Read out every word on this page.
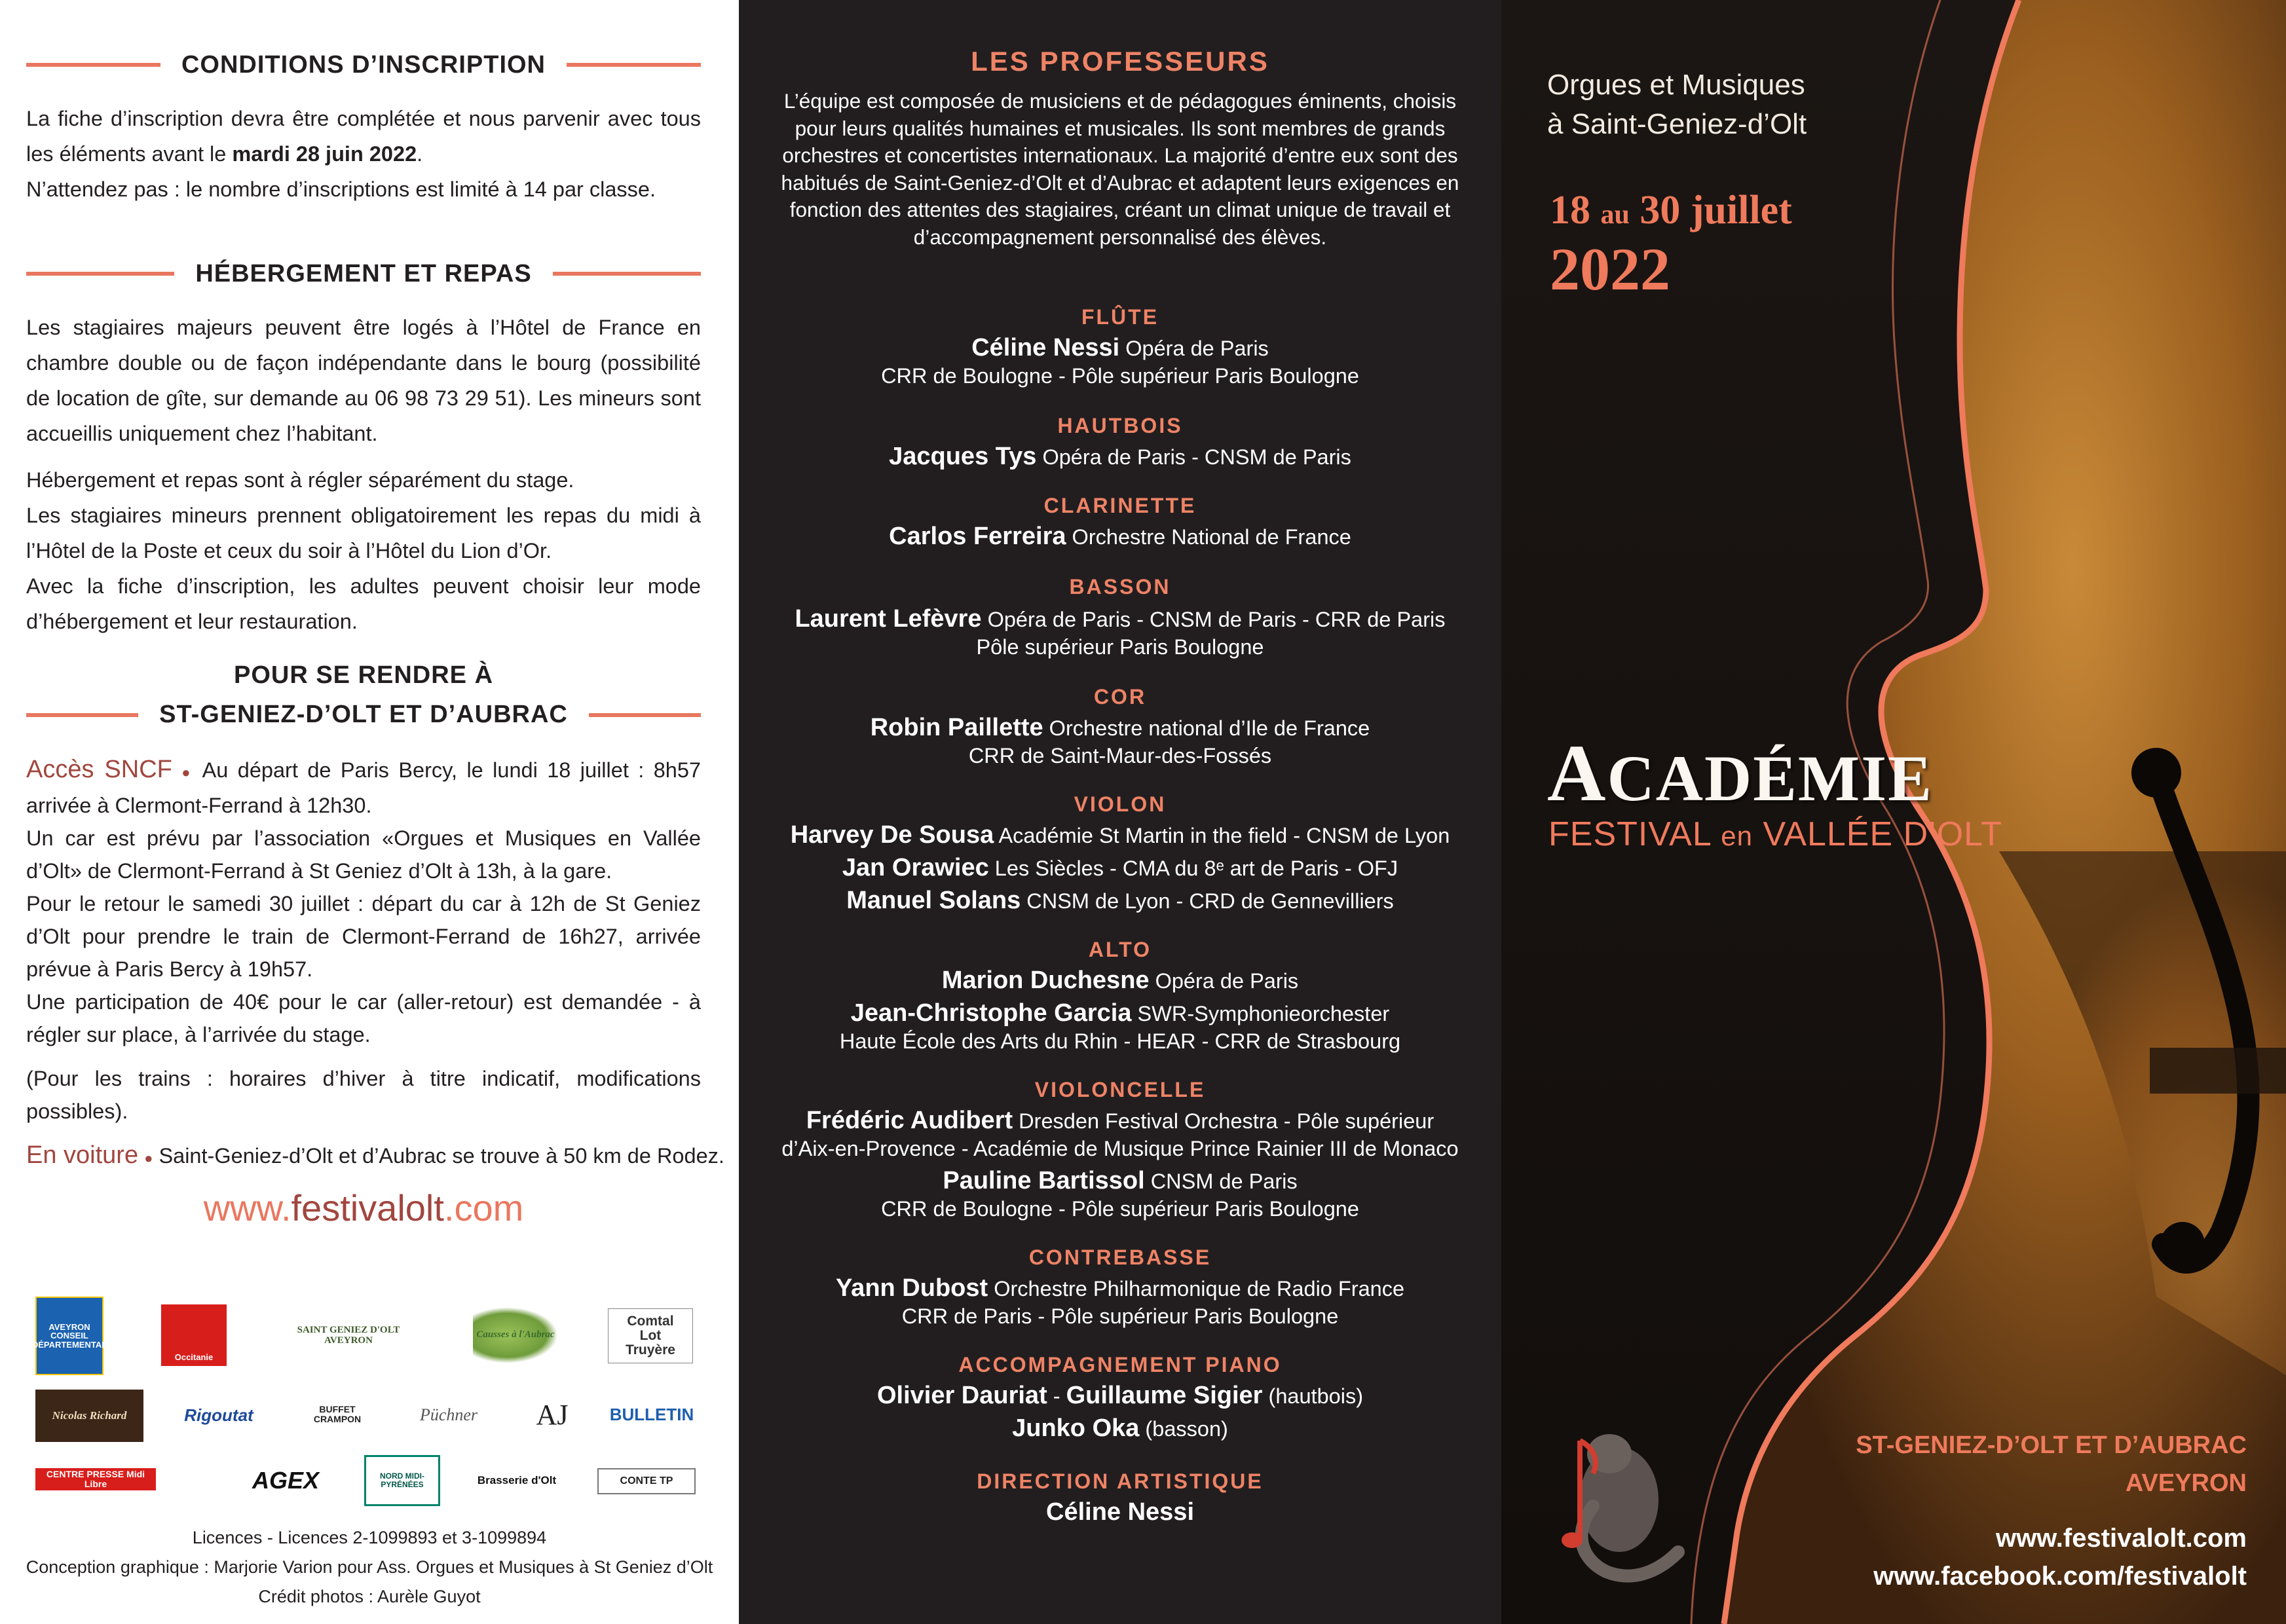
CONDITIONS D’INSCRIPTION

La fiche d’inscription devra être complétée et nous parvenir avec tous les éléments avant le mardi 28 juin 2022.

N’attendez pas : le nombre d’inscriptions est limité à 14 par classe.

HÉBERGEMENT ET REPAS

Les stagiaires majeurs peuvent être logés à l’Hôtel de France en chambre double ou de façon indépendante dans le bourg (possibilité de location de gîte, sur demande au 06 98 73 29 51). Les mineurs sont accueillis uniquement chez l’habitant.

Hébergement et repas sont à régler séparément du stage.

Les stagiaires mineurs prennent obligatoirement les repas du midi à l’Hôtel de la Poste et ceux du soir à l’Hôtel du Lion d’Or.

Avec la fiche d’inscription, les adultes peuvent choisir leur mode d’hébergement et leur restauration.

POUR SE RENDRE À
ST-GENIEZ-D’OLT ET D’AUBRAC

Accès SNCF ● Au départ de Paris Bercy, le lundi 18 juillet : 8h57 arrivée à Clermont-Ferrand à 12h30.

Un car est prévu par l’association «Orgues et Musiques en Vallée d’Olt» de Clermont-Ferrand à St Geniez d’Olt à 13h, à la gare.

Pour le retour le samedi 30 juillet : départ du car à 12h de St Geniez d’Olt pour prendre le train de Clermont-Ferrand de 16h27, arrivée prévue à Paris Bercy à 19h57.

Une participation de 40€ pour le car (aller-retour) est demandée - à régler sur place, à l’arrivée du stage.

(Pour les trains : horaires d’hiver à titre indicatif, modifications possibles).

En voiture ● Saint-Geniez-d’Olt et d’Aubrac se trouve à 50 km de Rodez.

www.festivalolt.com
AVEYRON
CONSEIL DÉPARTEMENTAL
Occitanie
SAINT GENIEZ D'OLT
AVEYRON
Causses à l'Aubrac
Comtal
Lot
Truyère
Nicolas Richard	Rigoutat	BUFFET CRAMPON	Püchner	AJ	BULLETIN
CENTRE PRESSE Midi Libre	AGEX	NORD MIDI-PYRÉNÉES	Brasserie d'Olt	CONTE TP
Licences - Licences 2-1099893 et 3-1099894
Conception graphique : Marjorie Varion pour Ass. Orgues et Musiques à St Geniez d’Olt
Crédit photos : Aurèle Guyot
LES PROFESSEURS
L’équipe est composée de musiciens et de pédagogues éminents, choisis pour leurs qualités humaines et musicales. Ils sont membres de grands orchestres et concertistes internationaux. La majorité d’entre eux sont des habitués de Saint-Geniez-d’Olt et d’Aubrac et adaptent leurs exigences en fonction des attentes des stagiaires, créant un climat unique de travail et d’accompagnement personnalisé des élèves.
FLÛTE
Céline Nessi Opéra de Paris
CRR de Boulogne - Pôle supérieur Paris Boulogne
HAUTBOIS
Jacques Tys Opéra de Paris - CNSM de Paris
CLARINETTE
Carlos Ferreira Orchestre National de France
BASSON
Laurent Lefèvre Opéra de Paris - CNSM de Paris - CRR de Paris
Pôle supérieur Paris Boulogne
COR
Robin Paillette Orchestre national d’Ile de France
CRR de Saint-Maur-des-Fossés
VIOLON
Harvey De Sousa Académie St Martin in the field - CNSM de Lyon
Jan Orawiec Les Siècles - CMA du 8ᵉ art de Paris - OFJ
Manuel Solans CNSM de Lyon - CRD de Gennevilliers
ALTO
Marion Duchesne Opéra de Paris
Jean-Christophe Garcia SWR-Symphonieorchester
Haute École des Arts du Rhin - HEAR - CRR de Strasbourg
VIOLONCELLE
Frédéric Audibert Dresden Festival Orchestra - Pôle supérieur
d’Aix-en-Provence - Académie de Musique Prince Rainier III de Monaco
Pauline Bartissol CNSM de Paris
CRR de Boulogne - Pôle supérieur Paris Boulogne
CONTREBASSE
Yann Dubost Orchestre Philharmonique de Radio France
CRR de Paris - Pôle supérieur Paris Boulogne
ACCOMPAGNEMENT PIANO
Olivier Dauriat - Guillaume Sigier (hautbois)
Junko Oka (basson)
DIRECTION ARTISTIQUE
Céline Nessi
Orgues et Musiques
à Saint-Geniez-d’Olt
18 au 30 juillet
2022
ACADÉMIE
FESTIVAL en VALLÉE D’OLT
ST-GENIEZ-D’OLT ET D’AUBRAC
AVEYRON
www.festivalolt.com
www.facebook.com/festivalolt
